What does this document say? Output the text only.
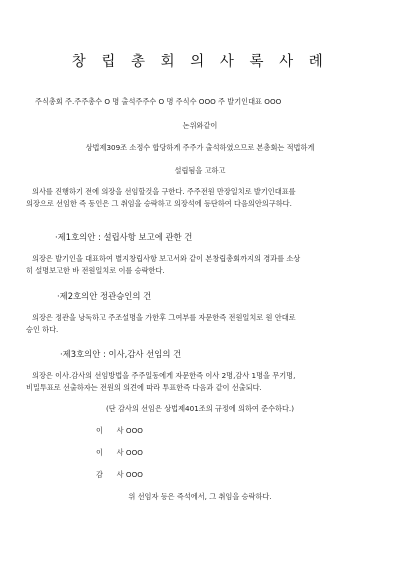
창 립 총 회 의 사 록 사 례
주식총회 주.주주총수 O 명 출석주주수 O 명 주식수 OOO 주 발기인대표 OOO
논위와같이
상법제309조 소정수 합당하게 주주가 출석하였으므로 본총회는 적법하게
설립됨을 고하고
의사를 진행하기 전에 의장을 선임할것을 구한다. 주주전원 만장일치로 발기인대표를
의장으로 선임한 즉 동인은 그 취임을 승락하고 의장석에 등단하여 다음의안의구하다.
·제1호의안 : 설립사항 보고에 관한 건
의장은 발기인을 대표하여 별지창립사항 보고서와 같이 본창립총회까지의 경과를 소상
히 설명보고한 바 전원일치로 이를 승락한다.
·제2호의안 정관승인의 건
의장은 정관을 낭독하고 주조설명을 가한후 그여부를 자문한즉 전원일치로 원 안대로
승인 하다.
·제3호의안 : 이사,감사 선임의 건
의장은 이사.감사의 선임방법을 주주일동에게 자문한즉 이사 2명,감사 1명을 무기명,
비밀투표로 선출하자는 전원의 의견에 따라 투표한즉 다음과 같이 선출되다.
(단 감사의 선임은 상법제401조의 규정에 의하여 준수하다.)
이      사 OOO
이      사 OOO
감      사 OOO
위 선임자 등은 즉석에서, 그 취임을 승락하다.
